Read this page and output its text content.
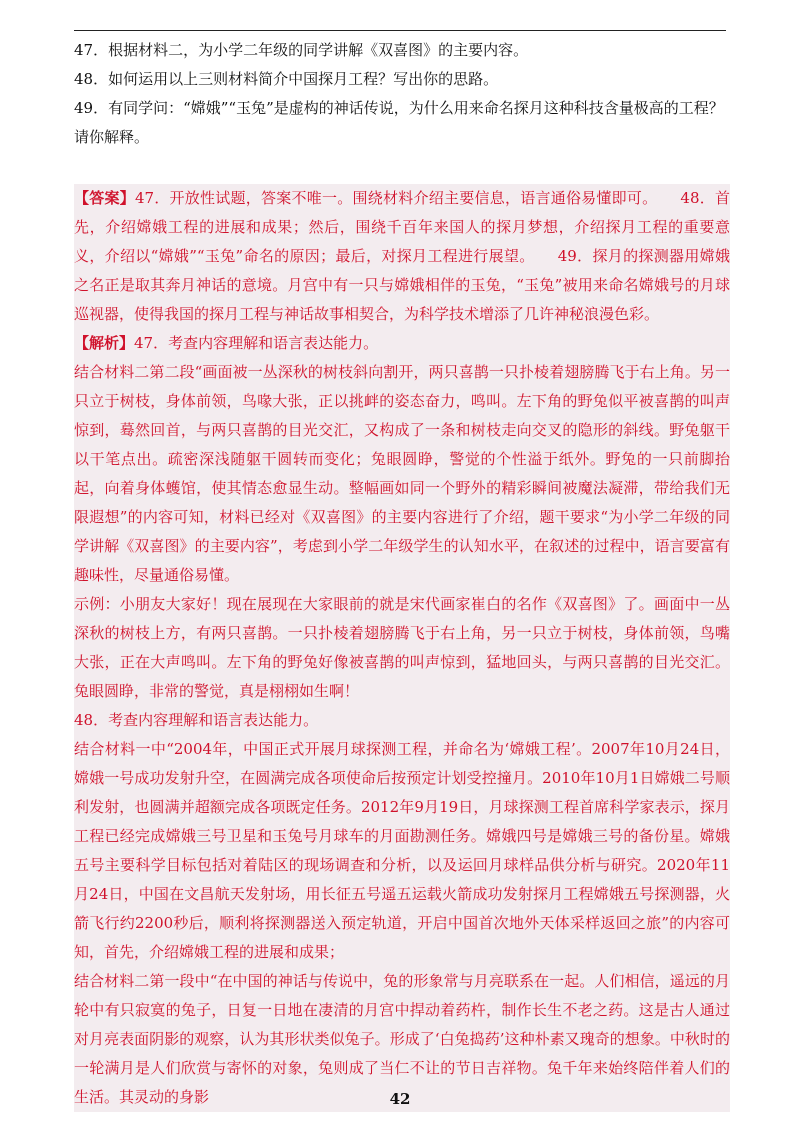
47．根据材料二，为小学二年级的同学讲解《双喜图》的主要内容。

48．如何运用以上三则材料简介中国探月工程？写出你的思路。

49．有同学问：“嫦娥”“玉兔”是虚构的神话传说，为什么用来命名探月这种科技含量极高的工程？请你解释。

【答案】47．开放性试题，答案不唯一。围绕材料介绍主要信息，语言通俗易懂即可。　　48．首先，介绍嫦娥工程的进展和成果；然后，围绕千百年来国人的探月梦想，介绍探月工程的重要意义，介绍以“嫦娥”“玉兔”命名的原因；最后，对探月工程进行展望。　　49．探月的探测器用嫦娥之名正是取其奔月神话的意境。月宫中有一只与嫦娥相伴的玉兔，“玉兔”被用来命名嫦娥号的月球巡视器，使得我国的探月工程与神话故事相契合，为科学技术增添了几许神秘浪漫色彩。

【解析】47．考查内容理解和语言表达能力。

结合材料二第二段“画面被一丛深秋的树枝斜向割开，两只喜鹊一只扑棱着翅膀腾飞于右上角。另一只立于树枝，身体前领，鸟喙大张，正以挑衅的姿态奋力，鸣叫。左下角的野兔似平被喜鹊的叫声惊到，蓦然回首，与两只喜鹊的目光交汇，又构成了一条和树枝走向交叉的隐形的斜线。野兔躯干以干笔点出。疏密深浅随躯干圆转而变化；兔眼圆睁，警觉的个性溢于纸外。野兔的一只前脚抬起，向着身体蠖馆，使其情态愈显生动。整幅画如同一个野外的精彩瞬间被魔法凝滞，带给我们无限遐想”的内容可知，材料已经对《双喜图》的主要内容进行了介绍，题干要求“为小学二年级的同学讲解《双喜图》的主要内容”，考虑到小学二年级学生的认知水平，在叙述的过程中，语言要富有趣味性，尽量通俗易懂。

示例：小朋友大家好！现在展现在大家眼前的就是宋代画家崔白的名作《双喜图》了。画面中一丛深秋的树枝上方，有两只喜鹊。一只扑棱着翅膀腾飞于右上角，另一只立于树枝，身体前领，鸟嘴大张，正在大声鸣叫。左下角的野兔好像被喜鹊的叫声惊到，猛地回头，与两只喜鹊的目光交汇。兔眼圆睁，非常的警觉，真是栩栩如生啊！

48．考查内容理解和语言表达能力。

结合材料一中“2004年，中国正式开展月球探测工程，并命名为‘嫦娥工程’。2007年10月24日，嫦娥一号成功发射升空，在圆满完成各项使命后按预定计划受控撞月。2010年10月1日嫦娥二号顺利发射，也圆满并超额完成各项既定任务。2012年9月19日，月球探测工程首席科学家表示，探月工程已经完成嫦娥三号卫星和玉兔号月球车的月面勘测任务。嫦娥四号是嫦娥三号的备份星。嫦娥五号主要科学目标包括对着陆区的现场调查和分析，以及运回月球样品供分析与研究。2020年11月24日，中国在文昌航天发射场，用长征五号遥五运载火箭成功发射探月工程嫦娥五号探测器，火箭飞行约2200秒后，顺利将探测器送入预定轨道，开启中国首次地外天体采样返回之旅”的内容可知，首先，介绍嫦娥工程的进展和成果；

结合材料二第一段中“在中国的神话与传说中，兔的形象常与月亮联系在一起。人们相信，遥远的月轮中有只寂寞的兔子，日复一日地在凄清的月宫中捍动着药杵，制作长生不老之药。这是古人通过对月亮表面阴影的观察，认为其形状类似兔子。形成了‘白兔捣药’这种朴素又瑰奇的想象。中秋时的一轮满月是人们欣赏与寄怀的对象，兔则成了当仁不让的节日吉祥物。兔千年来始终陪伴着人们的生活。其灵动的身影	42
